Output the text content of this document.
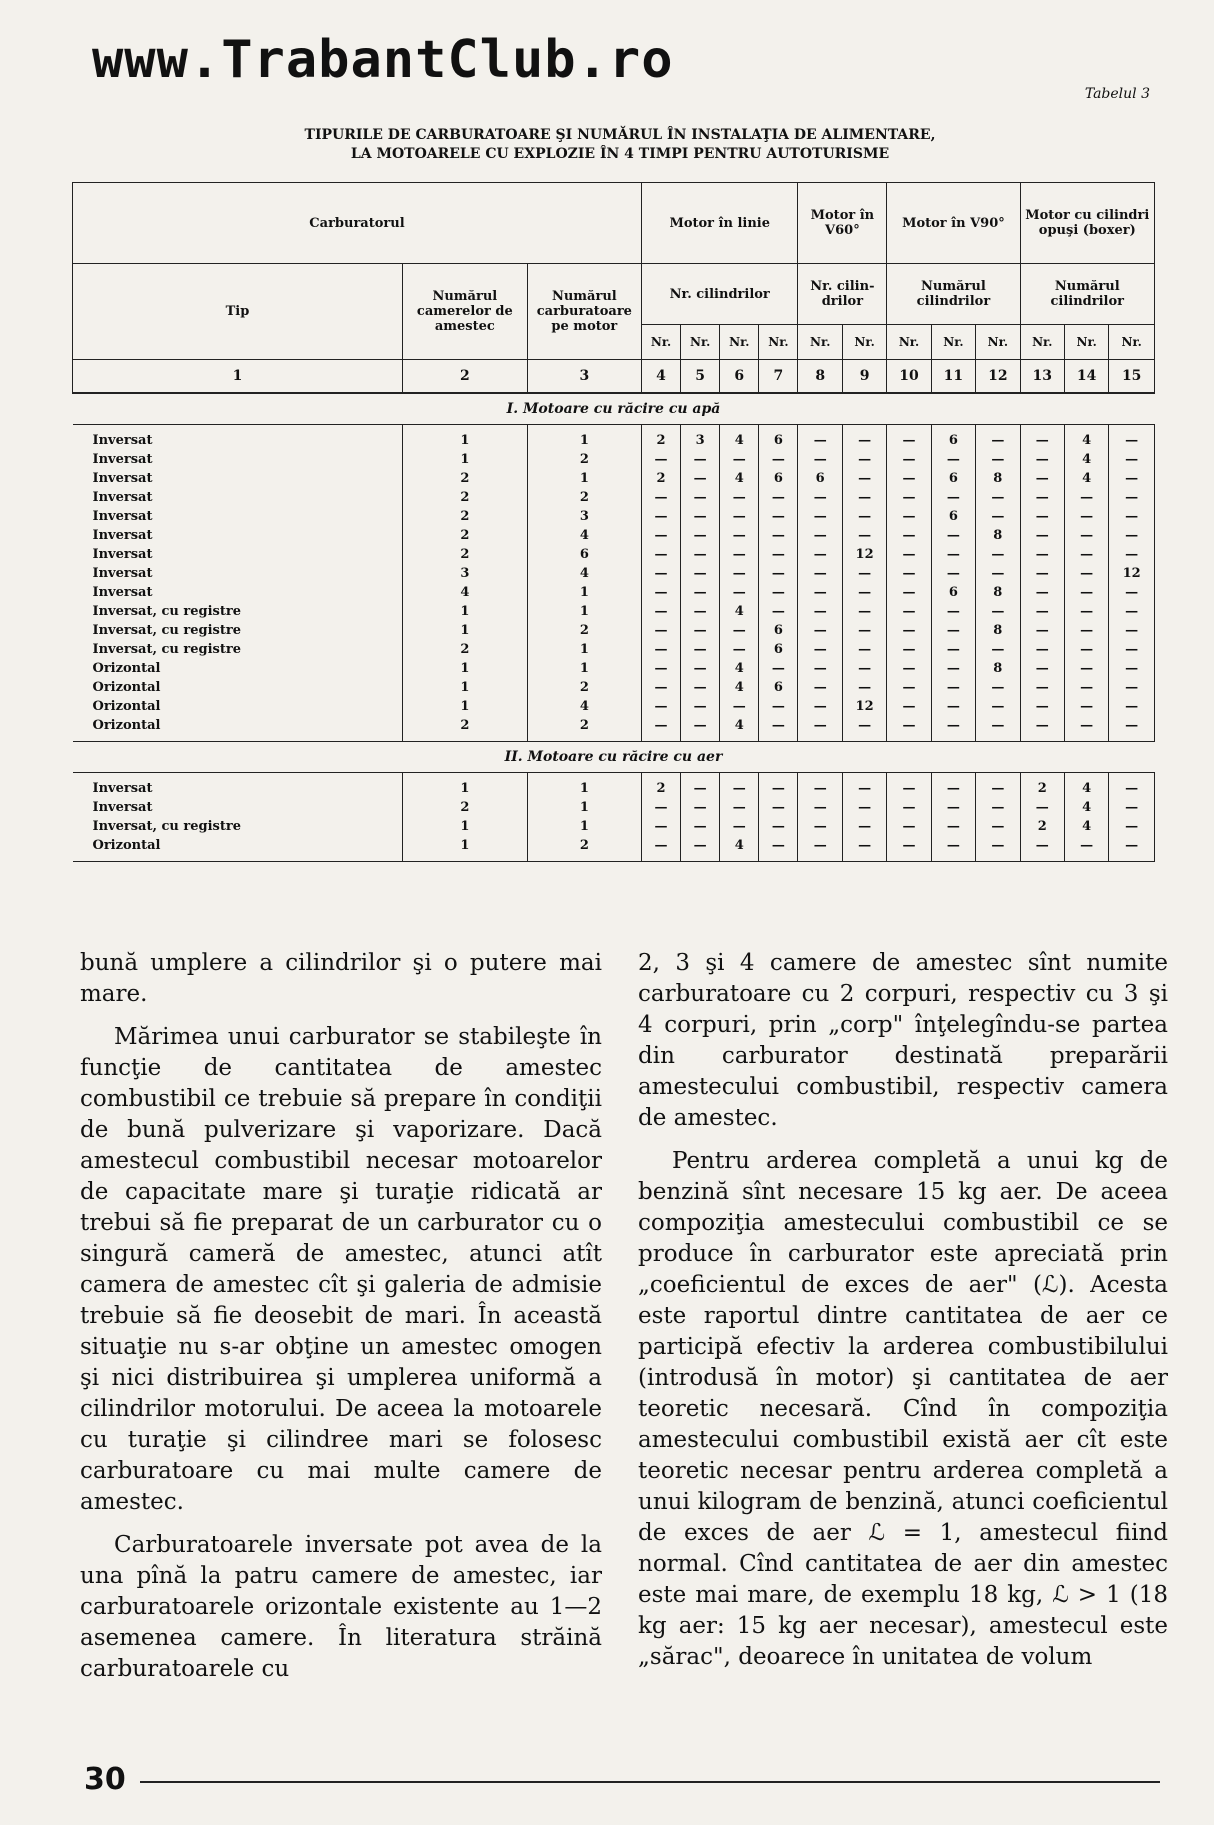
www.TrabantClub.ro
Tabelul 3
TIPURILE DE CARBURATOARE ŞI NUMĂRUL ÎN INSTALAŢIA DE ALIMENTARE,
LA MOTOARELE CU EXPLOZIE ÎN 4 TIMPI PENTRU AUTOTURISME
Carburatorul			Motor în linie				Motor în V60°		Motor în V90°			Motor cu cilindri opuşi (boxer)		
Tip	Numărul camerelor de amestec	Numărul carburatoare pe motor	Nr. cilindrilor				Nr. cilin-drilor		Numărul cilindrilor			Numărul cilindrilor		
			Nr.	Nr.	Nr.	Nr.	Nr.	Nr.	Nr.	Nr.	Nr.	Nr.	Nr.	Nr.
1	2	3	4	5	6	7	8	9	10	11	12	13	14	15
I. Motoare cu răcire cu apă														

Inversat	1	1	2	3	4	6	—	—	—	6	—	—	4	—
Inversat	1	2	—	—	—	—	—	—	—	—	—	—	4	—
Inversat	2	1	2	—	4	6	6	—	—	6	8	—	4	—
Inversat	2	2	—	—	—	—	—	—	—	—	—	—	—	—
Inversat	2	3	—	—	—	—	—	—	—	6	—	—	—	—
Inversat	2	4	—	—	—	—	—	—	—	—	8	—	—	—
Inversat	2	6	—	—	—	—	—	12	—	—	—	—	—	—
Inversat	3	4	—	—	—	—	—	—	—	—	—	—	—	12
Inversat	4	1	—	—	—	—	—	—	—	6	8	—	—	—
Inversat, cu registre	1	1	—	—	4	—	—	—	—	—	—	—	—	—
Inversat, cu registre	1	2	—	—	—	6	—	—	—	—	8	—	—	—
Inversat, cu registre	2	1	—	—	—	6	—	—	—	—	—	—	—	—
Orizontal	1	1	—	—	4	—	—	—	—	—	8	—	—	—
Orizontal	1	2	—	—	4	6	—	—	—	—	—	—	—	—
Orizontal	1	4	—	—	—	—	—	12	—	—	—	—	—	—
Orizontal	2	2	—	—	4	—	—	—	—	—	—	—	—	—

II. Motoare cu răcire cu aer														

Inversat	1	1	2	—	—	—	—	—	—	—	—	2	4	—
Inversat	2	1	—	—	—	—	—	—	—	—	—	—	4	—
Inversat, cu registre	1	1	—	—	—	—	—	—	—	—	—	2	4	—
Orizontal	1	2	—	—	4	—	—	—	—	—	—	—	—	—

bună umplere a cilindrilor şi o putere mai mare.

Mărimea unui carburator se stabileşte în funcţie de cantitatea de amestec combustibil ce trebuie să prepare în condiţii de bună pulverizare şi vaporizare. Dacă amestecul combustibil necesar motoarelor de capacitate mare şi turaţie ridicată ar trebui să fie preparat de un carburator cu o singură cameră de amestec, atunci atît camera de amestec cît şi galeria de admisie trebuie să fie deosebit de mari. În această situaţie nu s-ar obţine un amestec omogen şi nici distribuirea şi umplerea uniformă a cilindrilor motorului. De aceea la motoarele cu turaţie şi cilindree mari se folosesc carburatoare cu mai multe camere de amestec.

Carburatoarele inversate pot avea de la una pînă la patru camere de amestec, iar carburatoarele orizontale existente au 1—2 asemenea camere. În literatura străină carburatoarele cu

2, 3 şi 4 camere de amestec sînt numite carburatoare cu 2 corpuri, respectiv cu 3 şi 4 corpuri, prin „corp" înţelegîndu-se partea din carburator destinată preparării amestecului combustibil, respectiv camera de amestec.

Pentru arderea completă a unui kg de benzină sînt necesare 15 kg aer. De aceea compoziţia amestecului combustibil ce se produce în carburator este apreciată prin „coeficientul de exces de aer" (ℒ). Acesta este raportul dintre cantitatea de aer ce participă efectiv la arderea combustibilului (introdusă în motor) şi cantitatea de aer teoretic necesară. Cînd în compoziţia amestecului combustibil există aer cît este teoretic necesar pentru arderea completă a unui kilogram de benzină, atunci coeficientul de exces de aer ℒ = 1, amestecul fiind normal. Cînd cantitatea de aer din amestec este mai mare, de exemplu 18 kg, ℒ > 1 (18 kg aer: 15 kg aer necesar), amestecul este „sărac", deoarece în unitatea de volum

30
